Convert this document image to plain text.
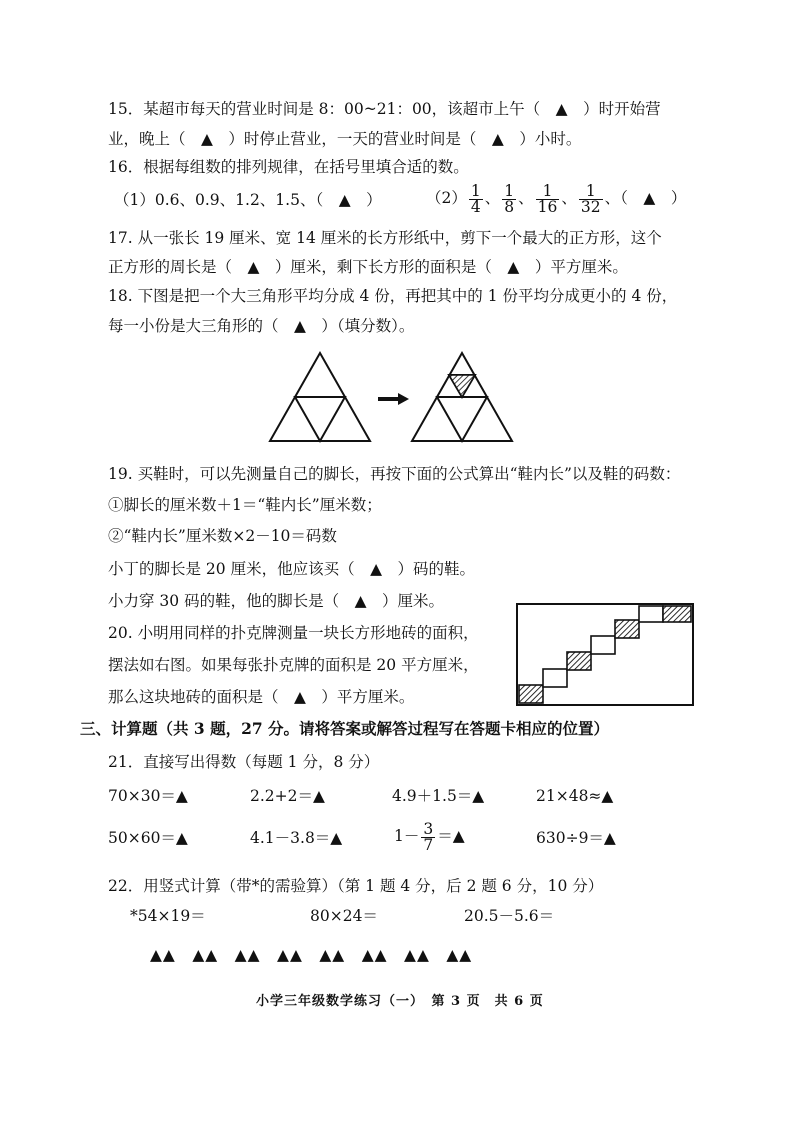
15．某超市每天的营业时间是 8：00~21：00，该超市上午（　▲　）时开始营
业，晚上（　▲　）时停止营业，一天的营业时间是（　▲　）小时。
16．根据每组数的排列规律，在括号里填合适的数。
（1）0.6、0.9、1.2、1.5、（　▲　）	$(2) \frac{1}{4}$ 、 $\frac{1}{8}$ 、 $\frac{1}{16}$ 、 $\frac{1}{32}$ 、（　▲　）
17. 从一张长 19 厘米、宽 14 厘米的长方形纸中，剪下一个最大的正方形，这个
正方形的周长是（　▲　）厘米，剩下长方形的面积是（　▲　）平方厘米。
18. 下图是把一个大三角形平均分成 4 份，再把其中的 1 份平均分成更小的 4 份，
每一小份是大三角形的（　▲　）（填分数）。
19. 买鞋时，可以先测量自己的脚长，再按下面的公式算出“鞋内长”以及鞋的码数：
①脚长的厘米数＋1＝“鞋内长”厘米数；
②“鞋内长”厘米数×2－10＝码数
小丁的脚长是 20 厘米，他应该买（　▲　）码的鞋。
小力穿 30 码的鞋，他的脚长是（　▲　）厘米。
20. 小明用同样的扑克牌测量一块长方形地砖的面积，
摆法如右图。如果每张扑克牌的面积是 20 平方厘米，
那么这块地砖的面积是（　▲　）平方厘米。
三、计算题（共 3 题，27 分。请将答案或解答过程写在答题卡相应的位置）
21．直接写出得数（每题 1 分，8 分）
70×30＝▲	2.2+2＝▲	4.9＋1.5＝▲	21×48≈▲
50×60＝▲	4.1－3.8＝▲	$1- \frac{3}{7}$ ＝▲	630÷9＝▲
22．用竖式计算（带*的需验算）（第 1 题 4 分，后 2 题 6 分，10 分）
*54×19＝	80×24＝	20.5－5.6＝
▲▲　▲▲　▲▲　▲▲　▲▲　▲▲　▲▲　▲▲
小学三年级数学练习（一）　第 3 页　共 6 页
